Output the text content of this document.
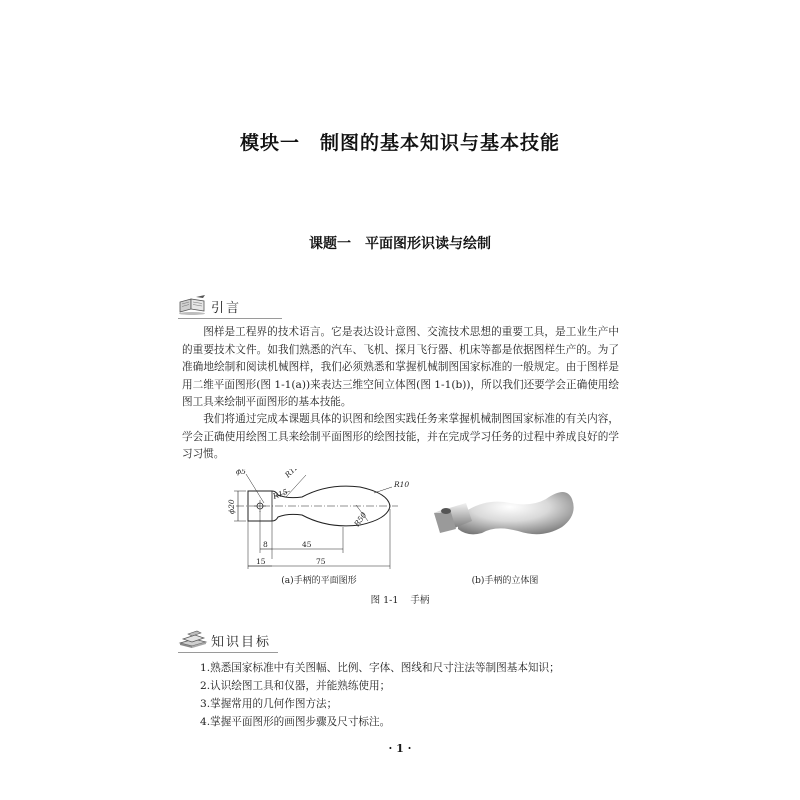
模块一 制图的基本知识与基本技能
课题一 平面图形识读与绘制
引言

图样是工程界的技术语言。它是表达设计意图、交流技术思想的重要工具，是工业生产中的重要技术文件。如我们熟悉的汽车、飞机、探月飞行器、机床等都是依据图样生产的。为了准确地绘制和阅读机械图样，我们必须熟悉和掌握机械制图国家标准的一般规定。由于图样是用二维平面图形(图 1-1(a))来表达三维空间立体图(图 1-1(b))，所以我们还要学会正确使用绘图工具来绘制平面图形的基本技能。

我们将通过完成本课题具体的识图和绘图实践任务来掌握机械制图国家标准的有关内容，学会正确使用绘图工具来绘制平面图形的绘图技能，并在完成学习任务的过程中养成良好的学习习惯。

ϕ5	R12
ϕ20
R15
R10
R50
8	45
15	75
(a)手柄的平面图形	(b)手柄的立体图
图 1-1 手柄
知识目标
1.熟悉国家标准中有关图幅、比例、字体、图线和尺寸注法等制图基本知识；
2.认识绘图工具和仪器，并能熟练使用；
3.掌握常用的几何作图方法；
4.掌握平面图形的画图步骤及尺寸标注。
· 1 ·
